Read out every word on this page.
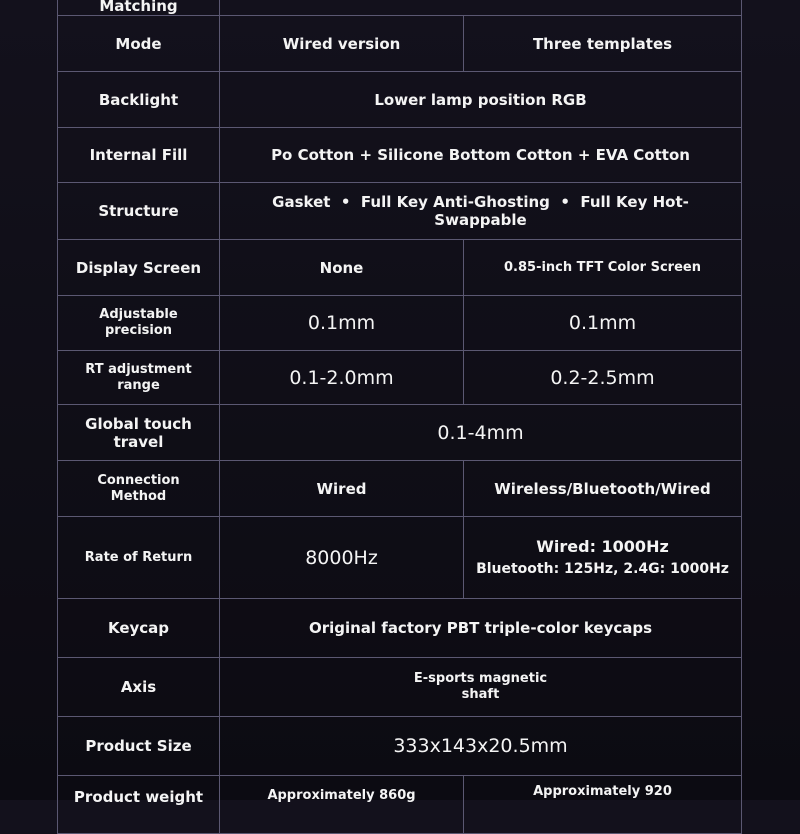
Matching		
Mode	Wired version	Three templates
Backlight	Lower lamp position RGB	
Internal Fill	Po Cotton + Silicone Bottom Cotton + EVA Cotton	
Structure	Gasket  •  Full Key Anti-Ghosting  •  Full Key Hot-
Swappable	

Display Screen	None	0.85-inch TFT Color Screen

Adjustable
precision	0.1mm	0.1mm

RT adjustment
range	0.1-2.0mm	0.2-2.5mm
Global touch travel	0.1-4mm	

Connection
Method	Wired	Wireless/Bluetooth/Wired
Rate of Return	8000Hz	Wired: 1000Hz
Bluetooth: 125Hz, 2.4G: 1000Hz

Keycap	Original factory PBT triple-color keycaps	
Axis	E-sports magnetic
shaft	

Product Size	333x143x20.5mm	
Product weight	Approximately 860g	Approximately 920
